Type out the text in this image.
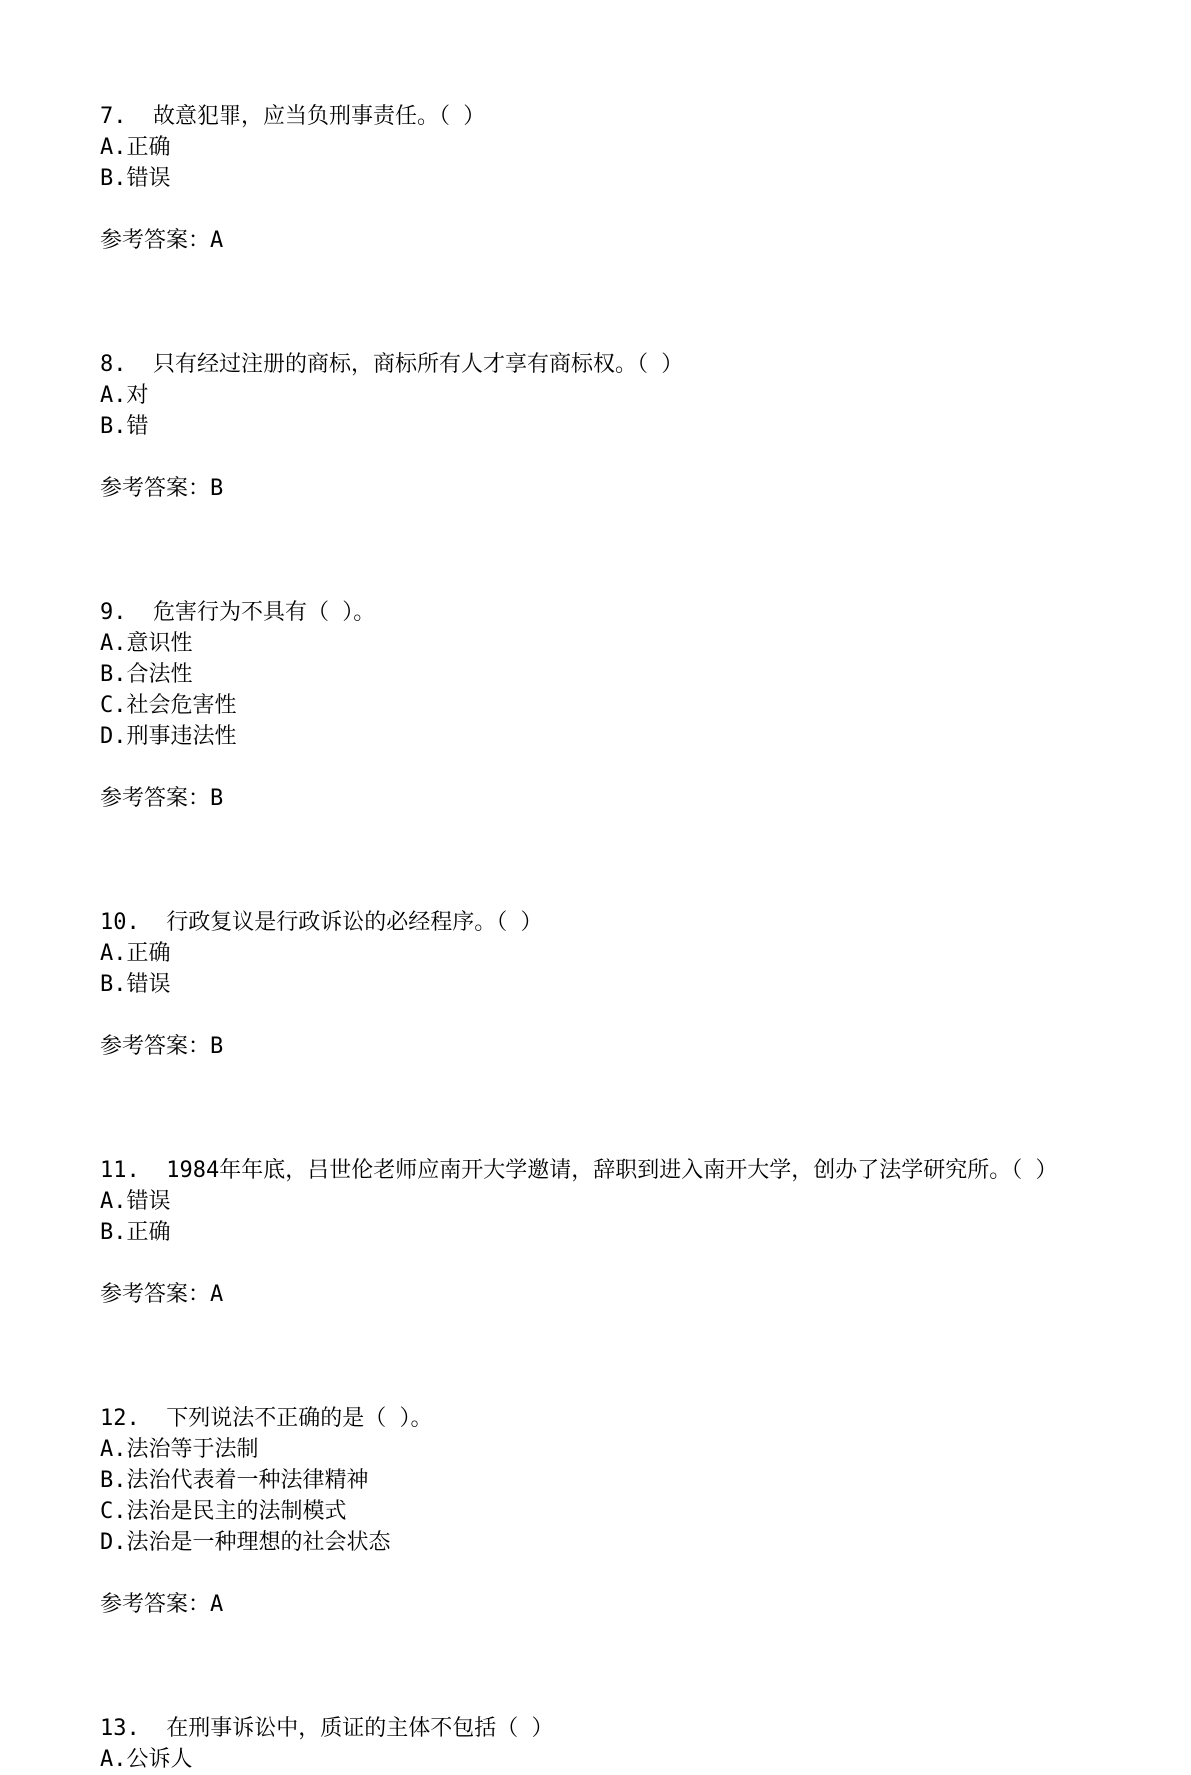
7. 故意犯罪，应当负刑事责任。（ ）
A.正确
B.错误
参考答案：A
8. 只有经过注册的商标，商标所有人才享有商标权。（ ）
A.对
B.错
参考答案：B
9. 危害行为不具有（ ）。
A.意识性
B.合法性
C.社会危害性
D.刑事违法性
参考答案：B
10. 行政复议是行政诉讼的必经程序。（ ）
A.正确
B.错误
参考答案：B
11. 1984年年底，吕世伦老师应南开大学邀请，辞职到进入南开大学，创办了法学研究所。（ ）
A.错误
B.正确
参考答案：A
12. 下列说法不正确的是（ ）。
A.法治等于法制
B.法治代表着一种法律精神
C.法治是民主的法制模式
D.法治是一种理想的社会状态
参考答案：A
13. 在刑事诉讼中，质证的主体不包括（ ）
A.公诉人
